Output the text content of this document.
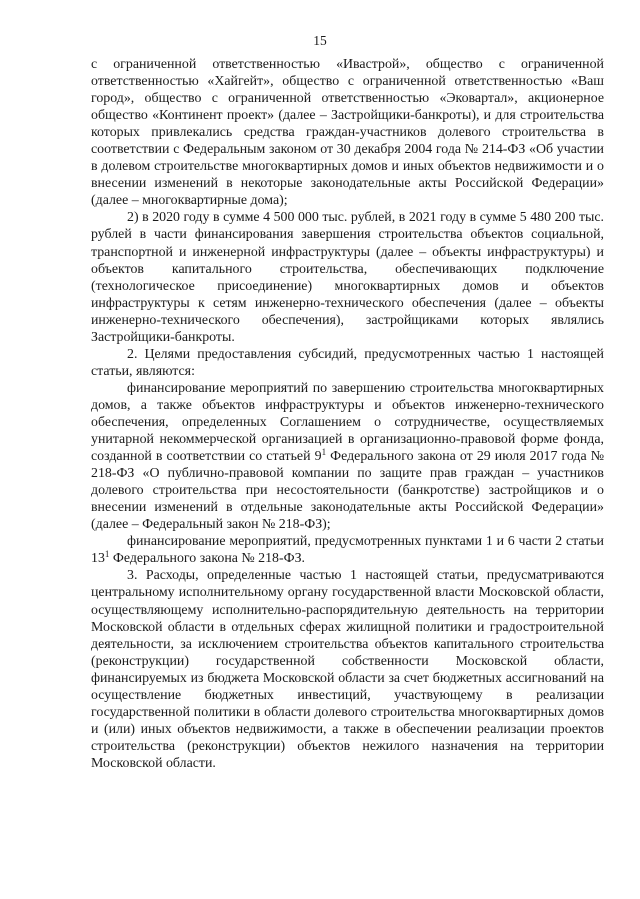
15

с ограниченной ответственностью «Ивастрой», общество с ограниченной ответственностью «Хайгейт», общество с ограниченной ответственностью «Ваш город», общество с ограниченной ответственностью «Эковартал», акционерное общество «Континент проект» (далее – Застройщики-банкроты), и для строительства которых привлекались средства граждан-участников долевого строительства в соответствии с Федеральным законом от 30 декабря 2004 года № 214-ФЗ «Об участии в долевом строительстве многоквартирных домов и иных объектов недвижимости и о внесении изменений в некоторые законодательные акты Российской Федерации» (далее – многоквартирные дома);

2) в 2020 году в сумме 4 500 000 тыс. рублей, в 2021 году в сумме 5 480 200 тыс. рублей в части финансирования завершения строительства объектов социальной, транспортной и инженерной инфраструктуры (далее – объекты инфраструктуры) и объектов капитального строительства, обеспечивающих подключение (технологическое присоединение) многоквартирных домов и объектов инфраструктуры к сетям инженерно-технического обеспечения (далее – объекты инженерно-технического обеспечения), застройщиками которых являлись Застройщики-банкроты.

2. Целями предоставления субсидий, предусмотренных частью 1 настоящей статьи, являются:

финансирование мероприятий по завершению строительства многоквартирных домов, а также объектов инфраструктуры и объектов инженерно-технического обеспечения, определенных Соглашением о сотрудничестве, осуществляемых унитарной некоммерческой организацией в организационно-правовой форме фонда, созданной в соответствии со статьей $9^1$ Федерального закона от 29 июля 2017 года № 218-ФЗ «О публично-правовой компании по защите прав граждан – участников долевого строительства при несостоятельности (банкротстве) застройщиков и о внесении изменений в отдельные законодательные акты Российской Федерации» (далее – Федеральный закон № 218-ФЗ);

финансирование мероприятий, предусмотренных пунктами 1 и 6 части 2 статьи $13^1$ Федерального закона № 218-ФЗ.

3. Расходы, определенные частью 1 настоящей статьи, предусматриваются центральному исполнительному органу государственной власти Московской области, осуществляющему исполнительно-распорядительную деятельность на территории Московской области в отдельных сферах жилищной политики и градостроительной деятельности, за исключением строительства объектов капитального строительства (реконструкции) государственной собственности Московской области, финансируемых из бюджета Московской области за счет бюджетных ассигнований на осуществление бюджетных инвестиций, участвующему в реализации государственной политики в области долевого строительства многоквартирных домов и (или) иных объектов недвижимости, а также в обеспечении реализации проектов строительства (реконструкции) объектов нежилого назначения на территории Московской области.
